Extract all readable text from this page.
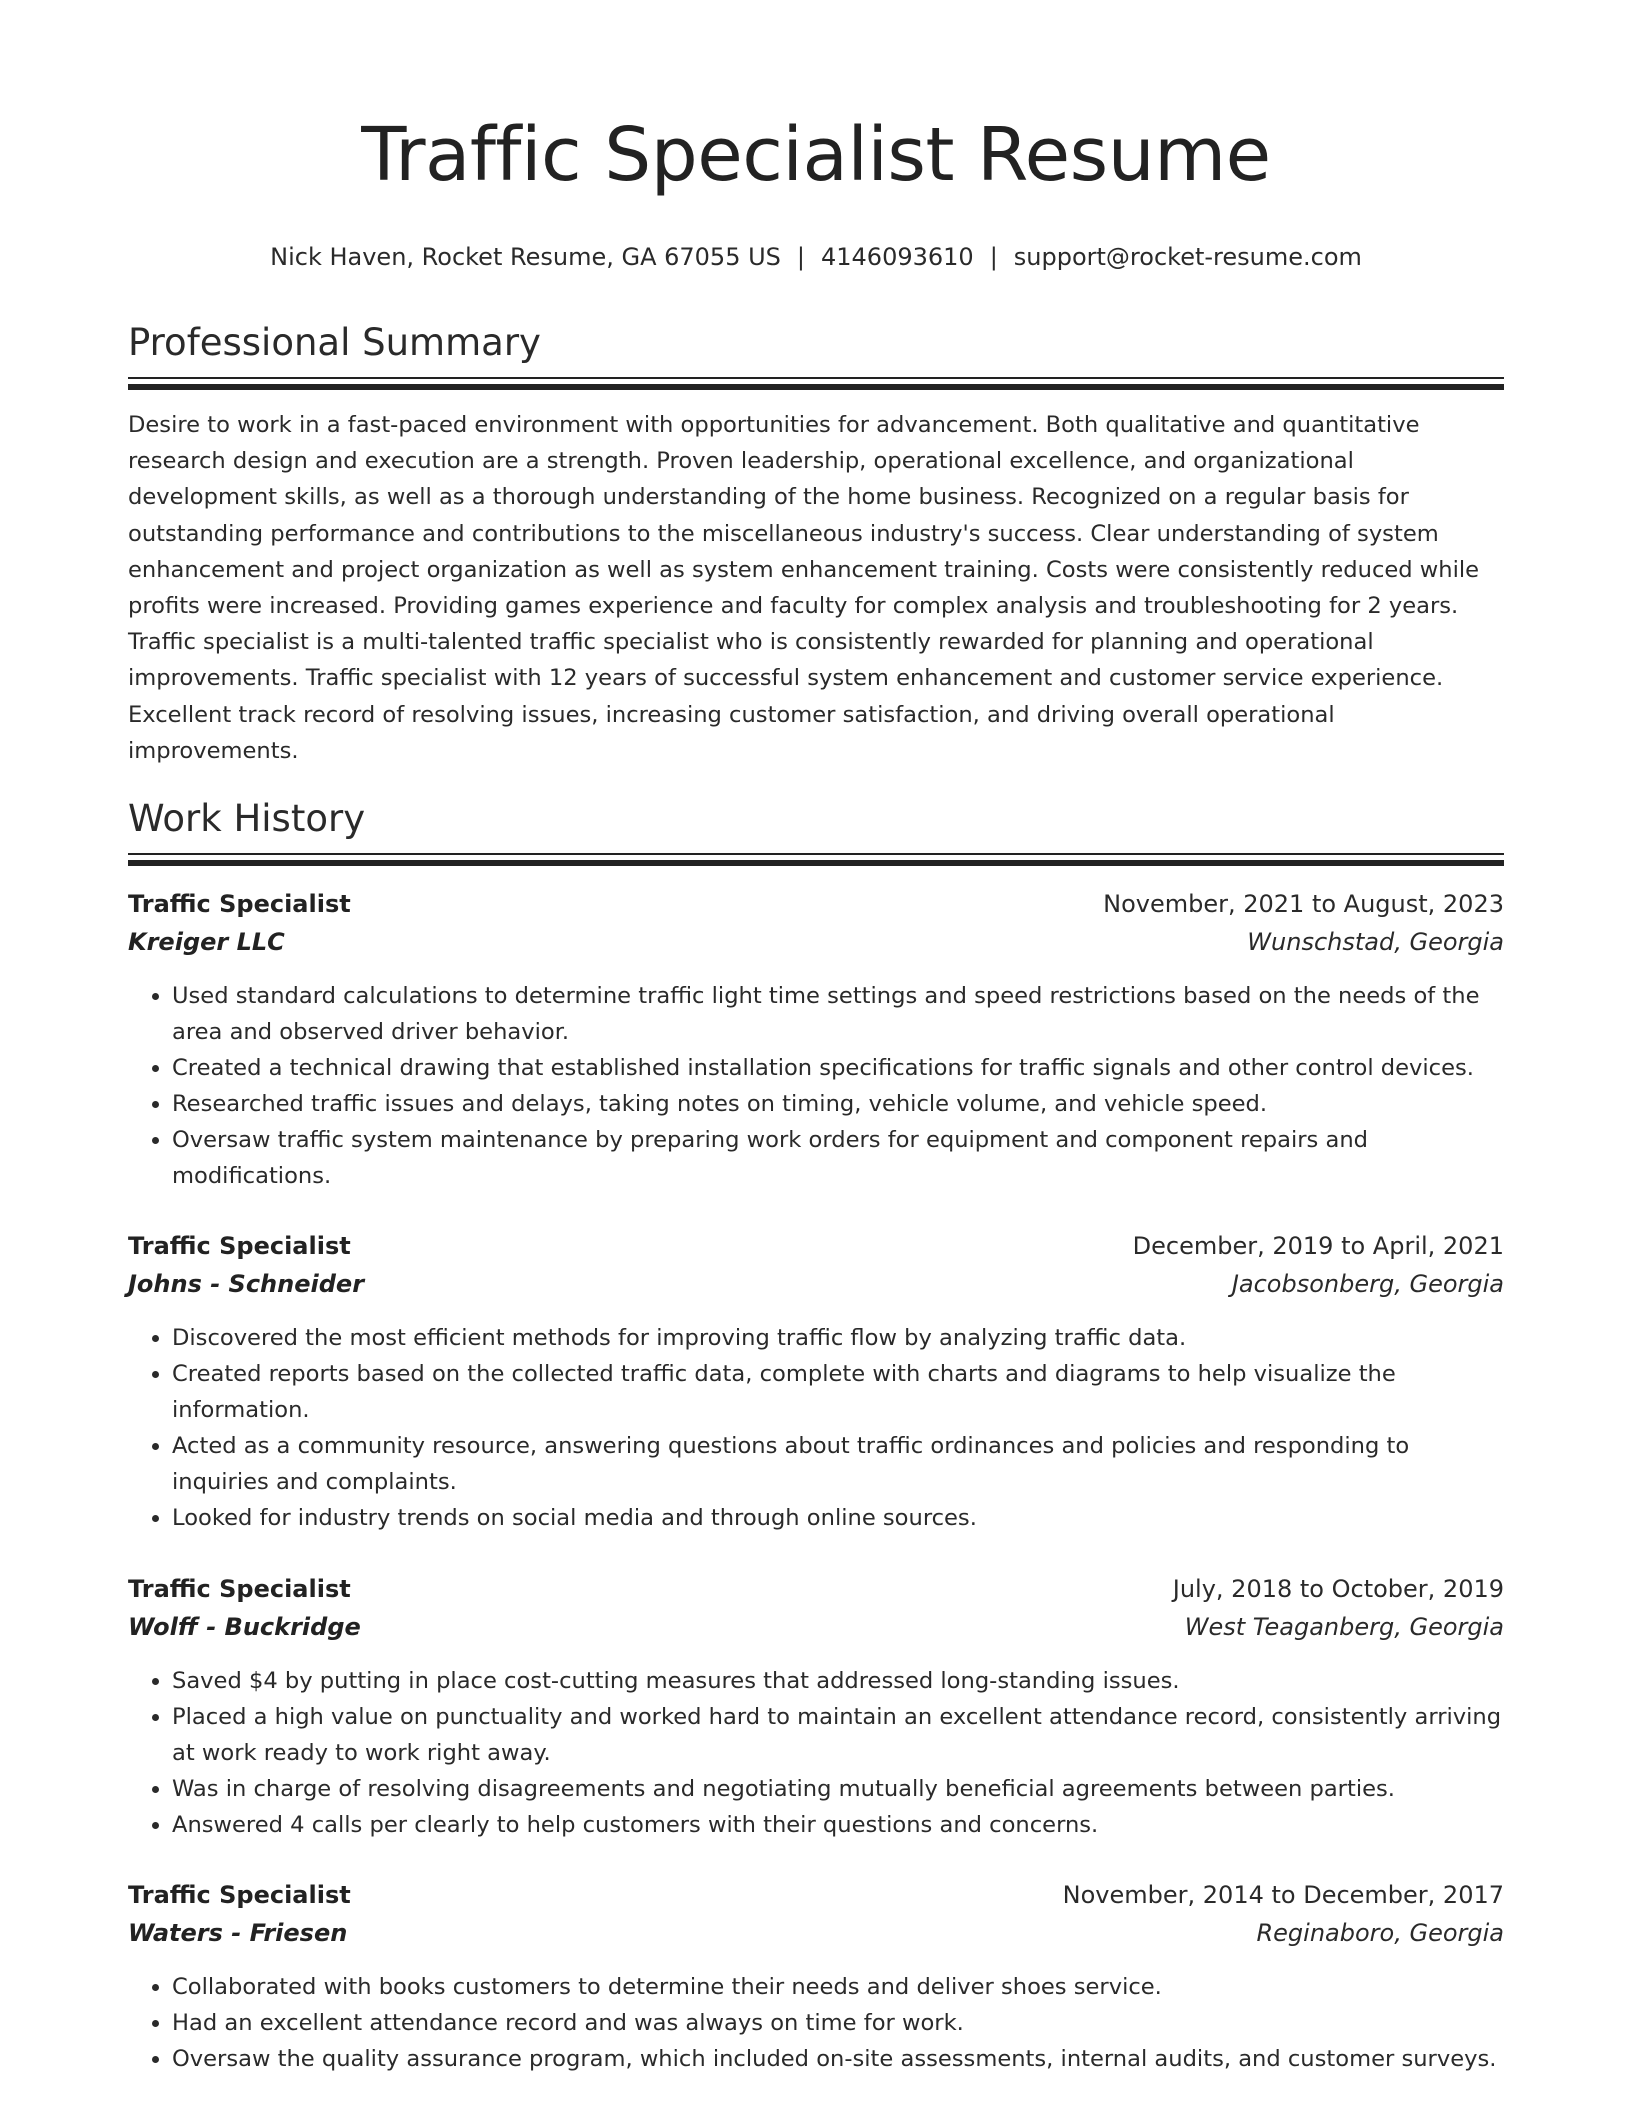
Traffic Specialist Resume
Nick Haven, Rocket Resume, GA 67055 US | 4146093610 | support@rocket-resume.com
Professional Summary

Desire to work in a fast-paced environment with opportunities for advancement. Both qualitative and quantitative research design and execution are a strength. Proven leadership, operational excellence, and organizational development skills, as well as a thorough understanding of the home business. Recognized on a regular basis for outstanding performance and contributions to the miscellaneous industry's success. Clear understanding of system enhancement and project organization as well as system enhancement training. Costs were consistently reduced while profits were increased. Providing games experience and faculty for complex analysis and troubleshooting for 2 years. Traffic specialist is a multi-talented traffic specialist who is consistently rewarded for planning and operational improvements. Traffic specialist with 12 years of successful system enhancement and customer service experience. Excellent track record of resolving issues, increasing customer satisfaction, and driving overall operational improvements.

Work History
Traffic Specialist	November, 2021 to August, 2023
Kreiger LLC	Wunschstad, Georgia
• Used standard calculations to determine traffic light time settings and speed restrictions based on the needs of the area and observed driver behavior.
• Created a technical drawing that established installation specifications for traffic signals and other control devices.
• Researched traffic issues and delays, taking notes on timing, vehicle volume, and vehicle speed.
• Oversaw traffic system maintenance by preparing work orders for equipment and component repairs and modifications.
Traffic Specialist	December, 2019 to April, 2021
Johns - Schneider	Jacobsonberg, Georgia
• Discovered the most efficient methods for improving traffic flow by analyzing traffic data.
• Created reports based on the collected traffic data, complete with charts and diagrams to help visualize the information.
• Acted as a community resource, answering questions about traffic ordinances and policies and responding to inquiries and complaints.
• Looked for industry trends on social media and through online sources.
Traffic Specialist	July, 2018 to October, 2019
Wolff - Buckridge	West Teaganberg, Georgia
• Saved $4 by putting in place cost-cutting measures that addressed long-standing issues.
• Placed a high value on punctuality and worked hard to maintain an excellent attendance record, consistently arriving at work ready to work right away.
• Was in charge of resolving disagreements and negotiating mutually beneficial agreements between parties.
• Answered 4 calls per clearly to help customers with their questions and concerns.
Traffic Specialist	November, 2014 to December, 2017
Waters - Friesen	Reginaboro, Georgia
• Collaborated with books customers to determine their needs and deliver shoes service.
• Had an excellent attendance record and was always on time for work.
• Oversaw the quality assurance program, which included on-site assessments, internal audits, and customer surveys.
